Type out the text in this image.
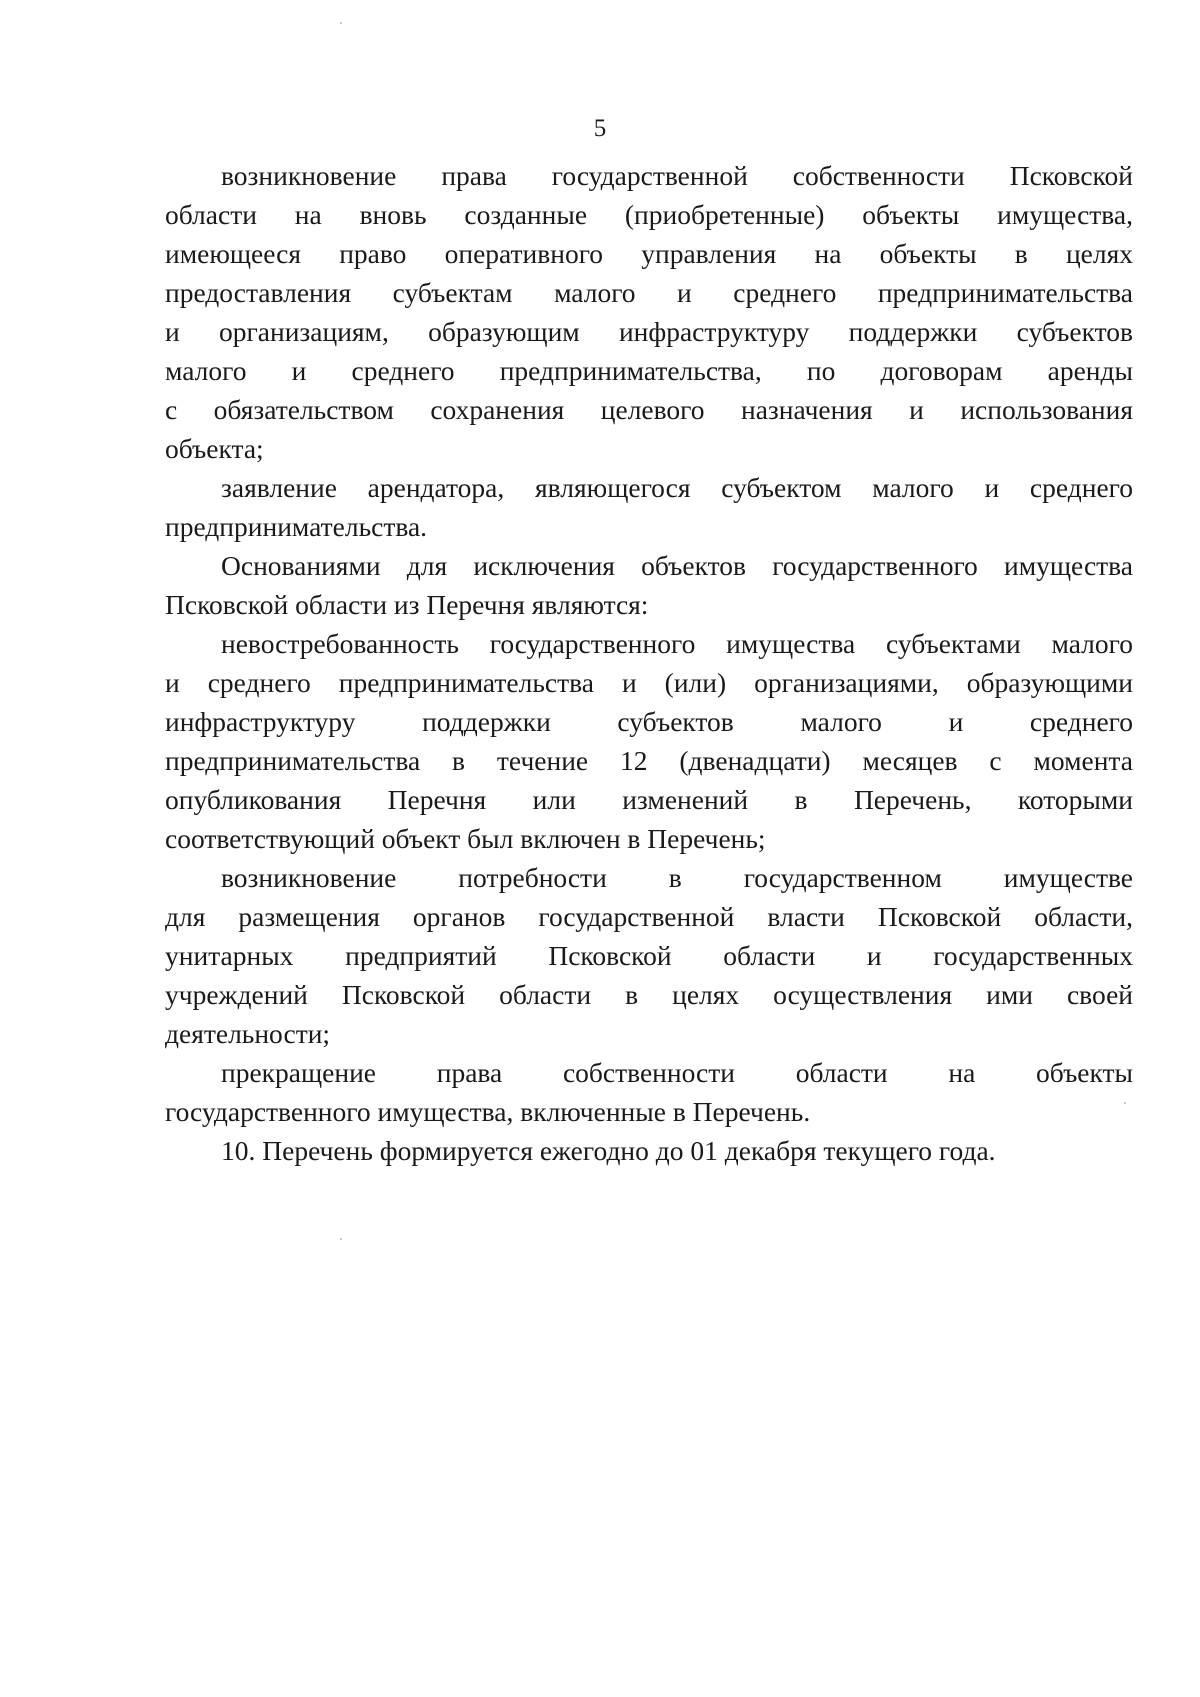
5
возникновение права государственной собственности Псковской
области на вновь созданные (приобретенные) объекты имущества,
имеющееся право оперативного управления на объекты в целях
предоставления субъектам малого и среднего предпринимательства
и организациям, образующим инфраструктуру поддержки субъектов
малого и среднего предпринимательства, по договорам аренды
с обязательством сохранения целевого назначения и использования
объекта;
заявление арендатора, являющегося субъектом малого и среднего
предпринимательства.
Основаниями для исключения объектов государственного имущества
Псковской области из Перечня являются:
невостребованность государственного имущества субъектами малого
и среднего предпринимательства и (или) организациями, образующими
инфраструктуру поддержки субъектов малого и среднего
предпринимательства в течение 12 (двенадцати) месяцев с момента
опубликования Перечня или изменений в Перечень, которыми
соответствующий объект был включен в Перечень;
возникновение потребности в государственном имуществе
для размещения органов государственной власти Псковской области,
унитарных предприятий Псковской области и государственных
учреждений Псковской области в целях осуществления ими своей
деятельности;
прекращение права собственности области на объекты
государственного имущества, включенные в Перечень.
10. Перечень формируется ежегодно до 01 декабря текущего года.
